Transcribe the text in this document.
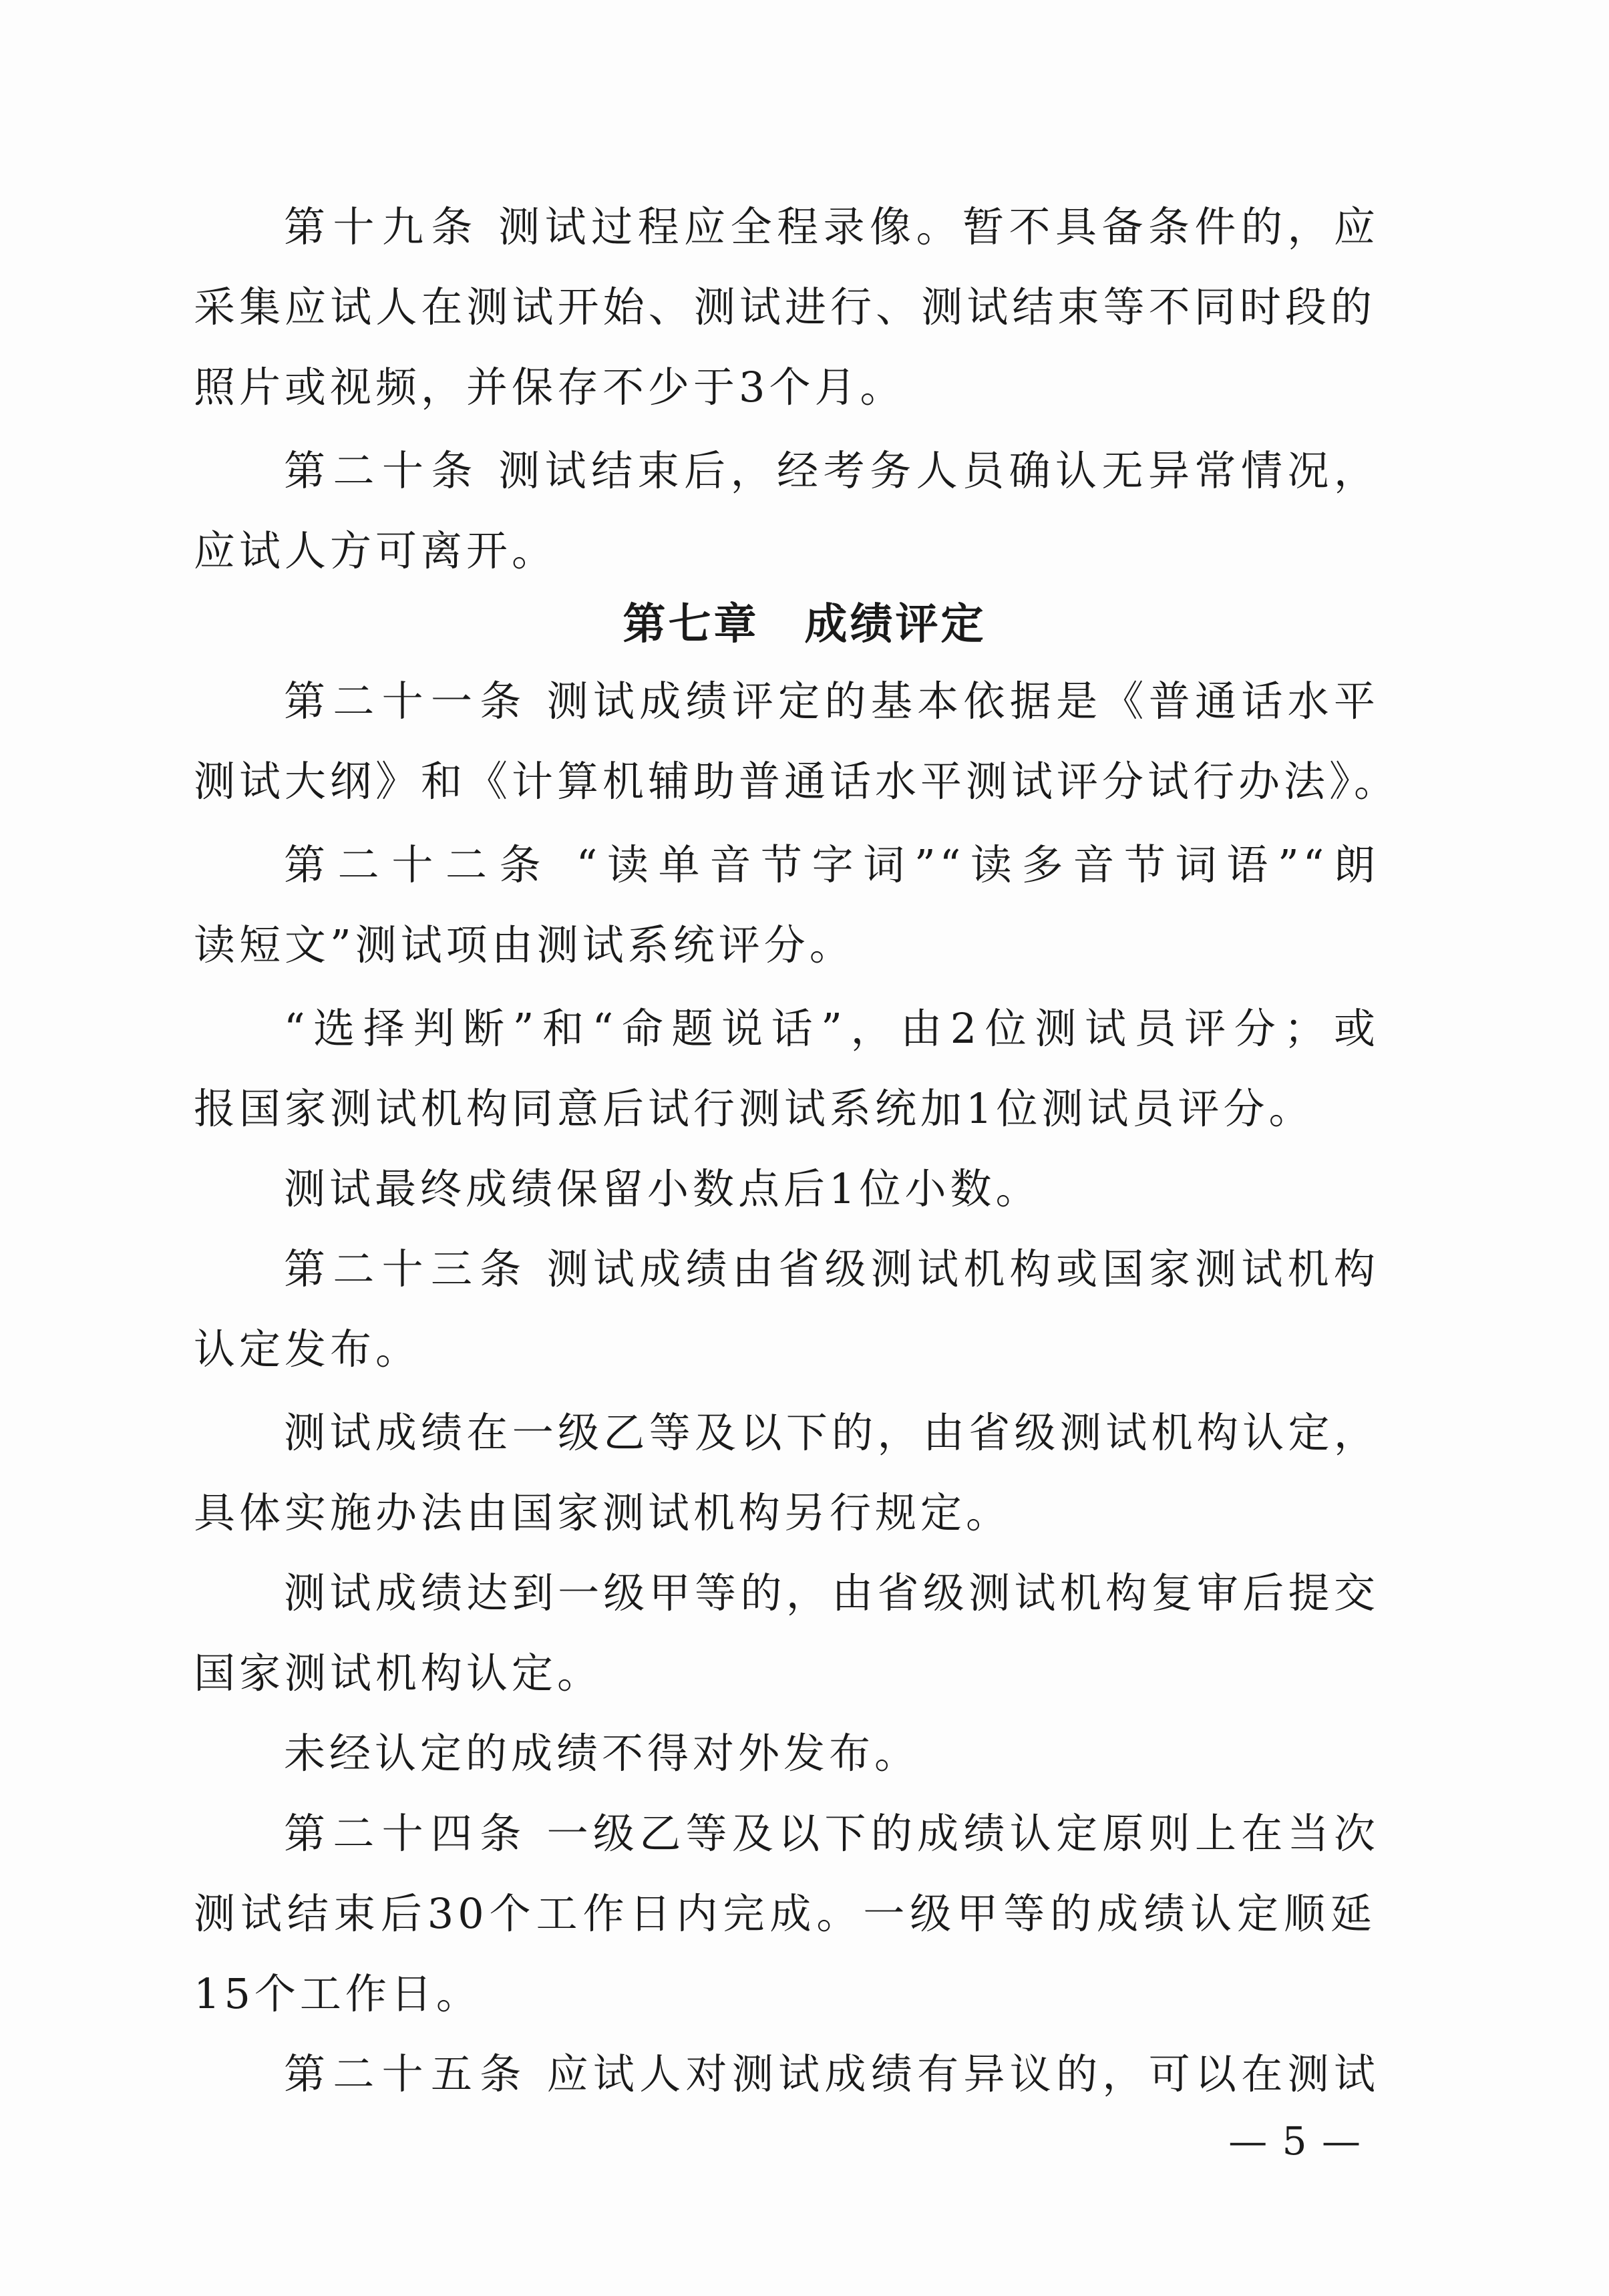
第十九条 测试过程应全程录像。暂不具备条件的，应
采集应试人在测试开始、测试进行、测试结束等不同时段的
照片或视频，并保存不少于3个月。
第二十条 测试结束后，经考务人员确认无异常情况，
应试人方可离开。
第七章　成绩评定
第二十一条 测试成绩评定的基本依据是《普通话水平
测试大纲》和《计算机辅助普通话水平测试评分试行办法》。
第二十二条 “读单音节字词”“读多音节词语”“朗
读短文”测试项由测试系统评分。
“选择判断”和“命题说话”，由2位测试员评分；或
报国家测试机构同意后试行测试系统加1位测试员评分。
测试最终成绩保留小数点后1位小数。
第二十三条 测试成绩由省级测试机构或国家测试机构
认定发布。
测试成绩在一级乙等及以下的，由省级测试机构认定，
具体实施办法由国家测试机构另行规定。
测试成绩达到一级甲等的，由省级测试机构复审后提交
国家测试机构认定。
未经认定的成绩不得对外发布。
第二十四条 一级乙等及以下的成绩认定原则上在当次
测试结束后30个工作日内完成。一级甲等的成绩认定顺延
15个工作日。
第二十五条 应试人对测试成绩有异议的，可以在测试
— 5 —
